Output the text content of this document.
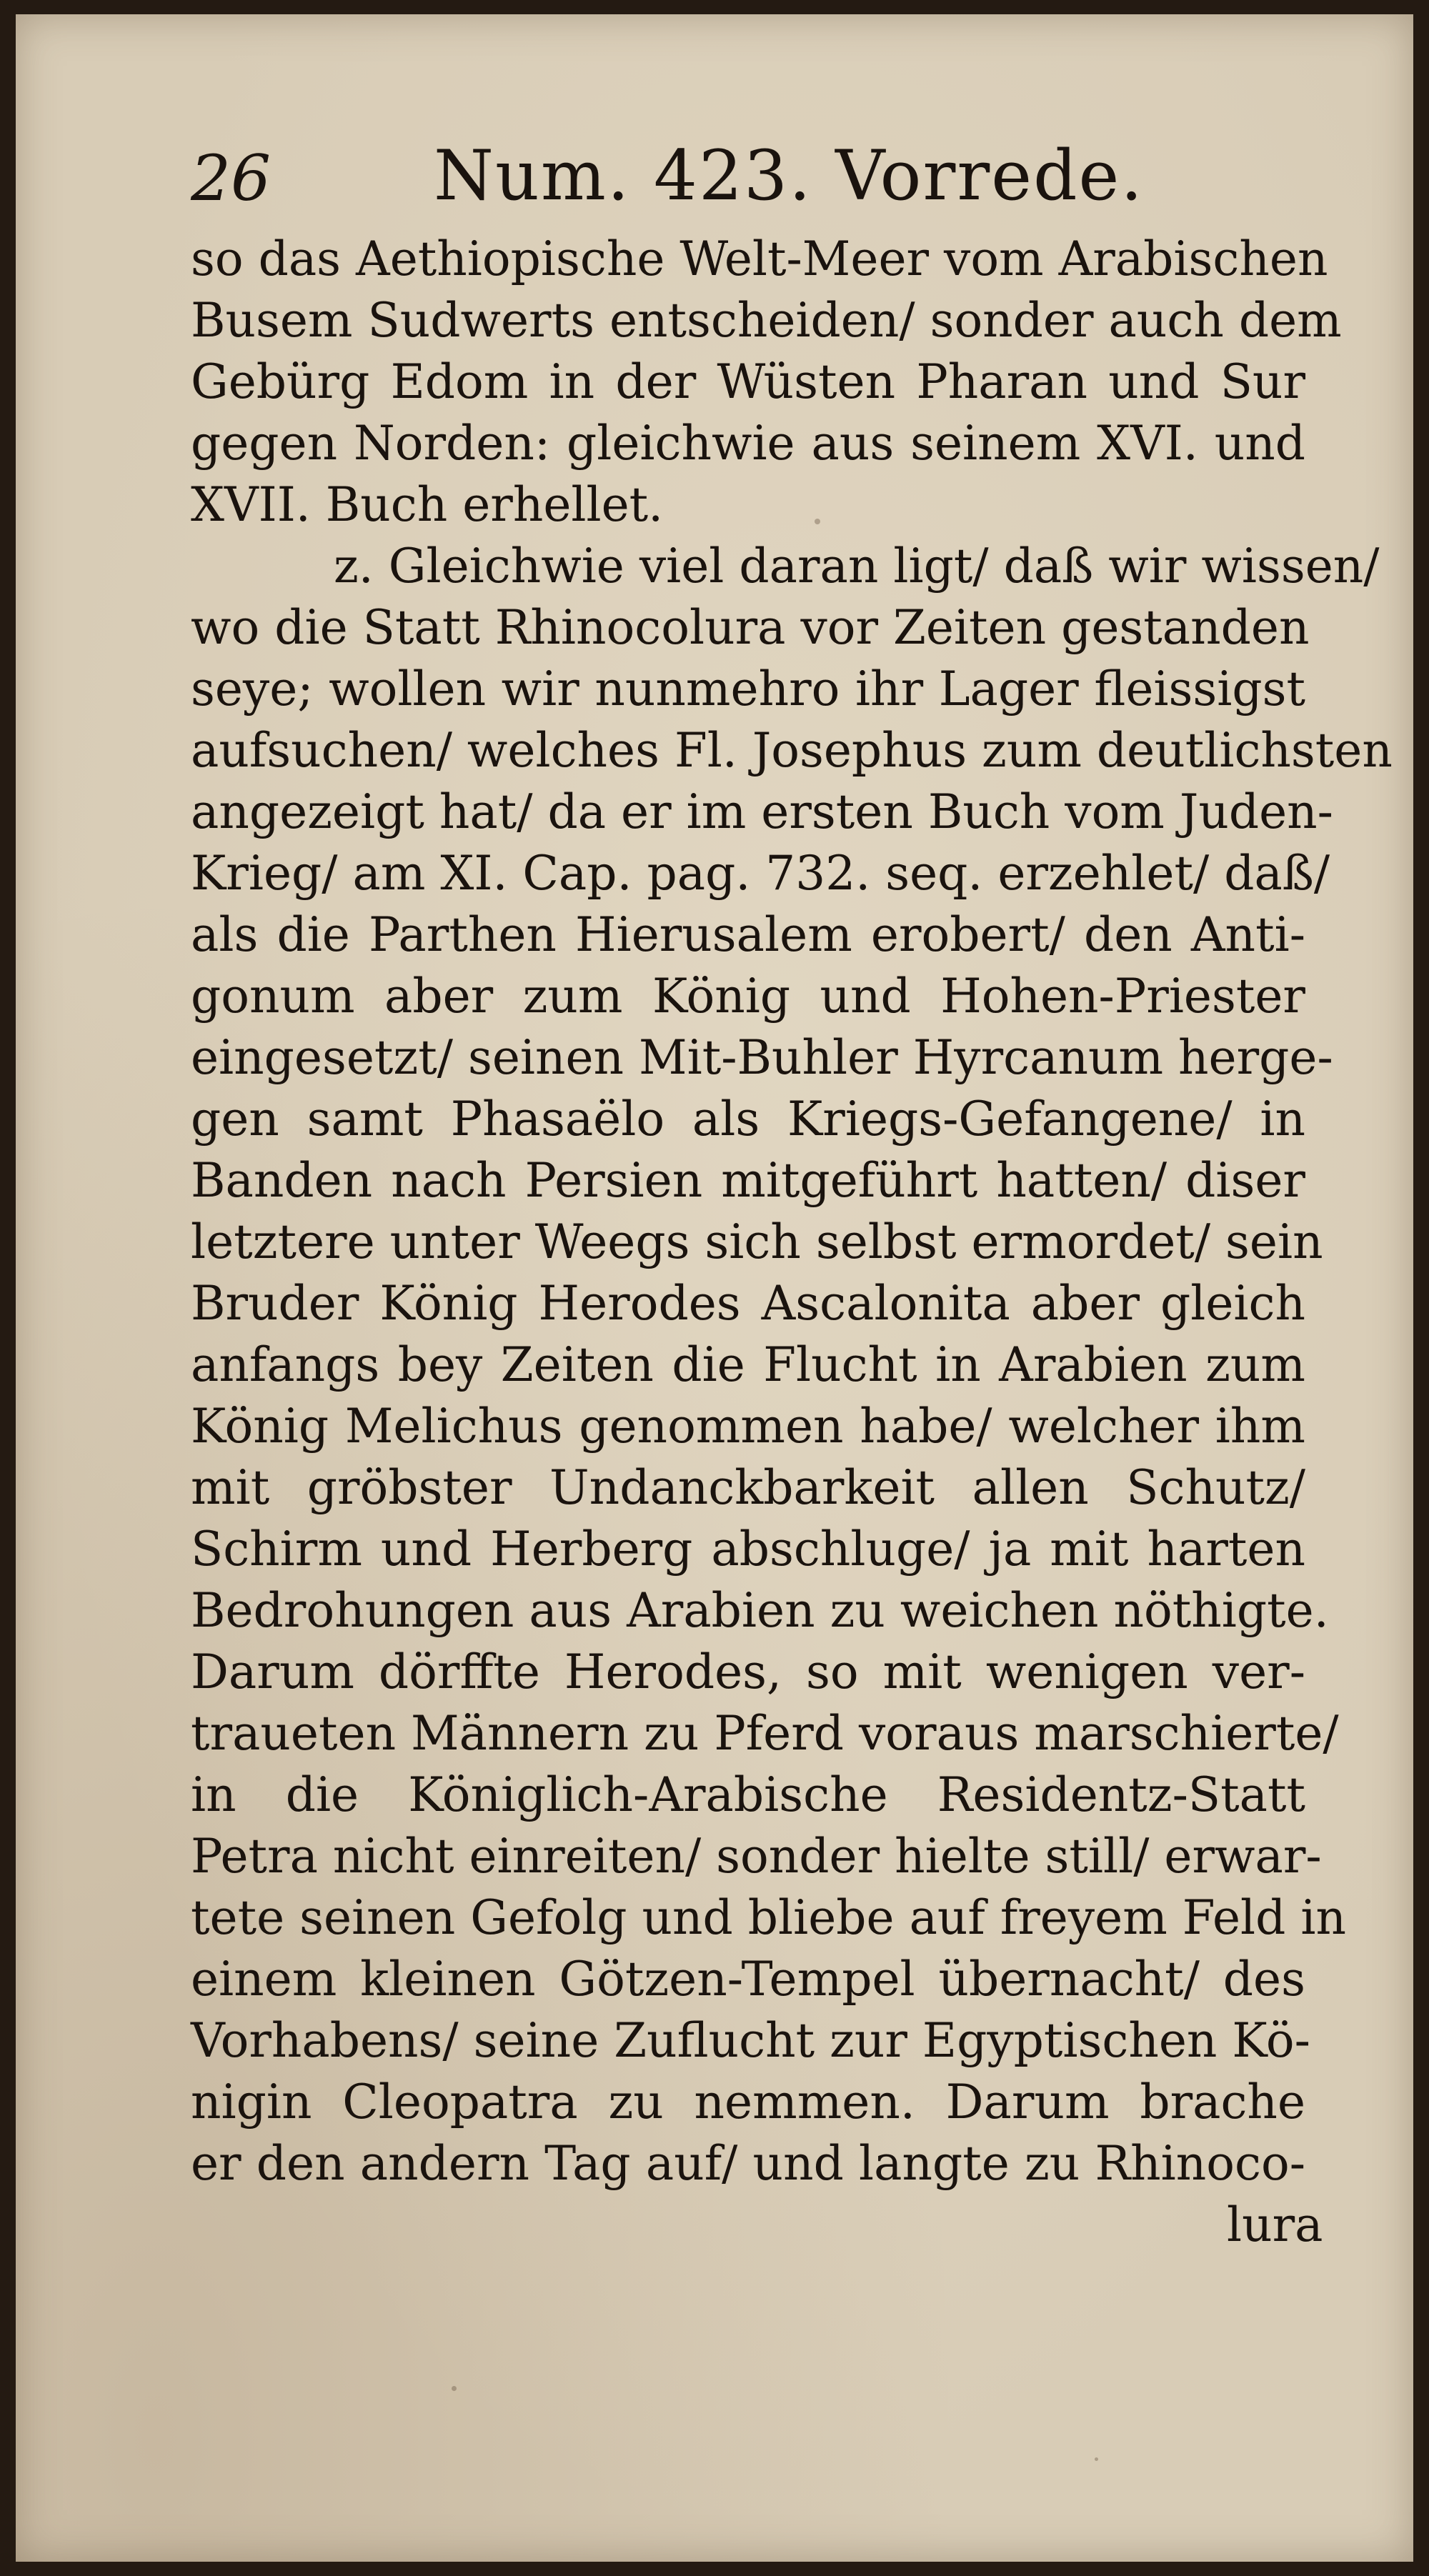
26 Num. 423. Vorrede.
so das Aethiopische Welt-Meer vom Arabischen
Busem Sudwerts entscheiden/ sonder auch dem
Gebürg Edom in der Wüsten Pharan und Sur
gegen Norden: gleichwie aus seinem XVI. und
XVII. Buch erhellet.
z. Gleichwie viel daran ligt/ daß wir wissen/
wo die Statt Rhinocolura vor Zeiten gestanden
seye; wollen wir nunmehro ihr Lager fleissigst
aufsuchen/ welches Fl. Josephus zum deutlichsten
angezeigt hat/ da er im ersten Buch vom Juden-
Krieg/ am XI. Cap. pag. 732. seq. erzehlet/ daß/
als die Parthen Hierusalem erobert/ den Anti-
gonum aber zum König und Hohen-Priester
eingesetzt/ seinen Mit-Buhler Hyrcanum herge-
gen samt Phasaëlo als Kriegs-Gefangene/ in
Banden nach Persien mitgeführt hatten/ diser
letztere unter Weegs sich selbst ermordet/ sein
Bruder König Herodes Ascalonita aber gleich
anfangs bey Zeiten die Flucht in Arabien zum
König Melichus genommen habe/ welcher ihm
mit gröbster Undanckbarkeit allen Schutz/
Schirm und Herberg abschluge/ ja mit harten
Bedrohungen aus Arabien zu weichen nöthigte.
Darum dörffte Herodes, so mit wenigen ver-
traueten Männern zu Pferd voraus marschierte/
in die Königlich-Arabische Residentz-Statt
Petra nicht einreiten/ sonder hielte still/ erwar-
tete seinen Gefolg und bliebe auf freyem Feld in
einem kleinen Götzen-Tempel übernacht/ des
Vorhabens/ seine Zuflucht zur Egyptischen Kö-
nigin Cleopatra zu nemmen. Darum brache
er den andern Tag auf/ und langte zu Rhinoco-
lura
